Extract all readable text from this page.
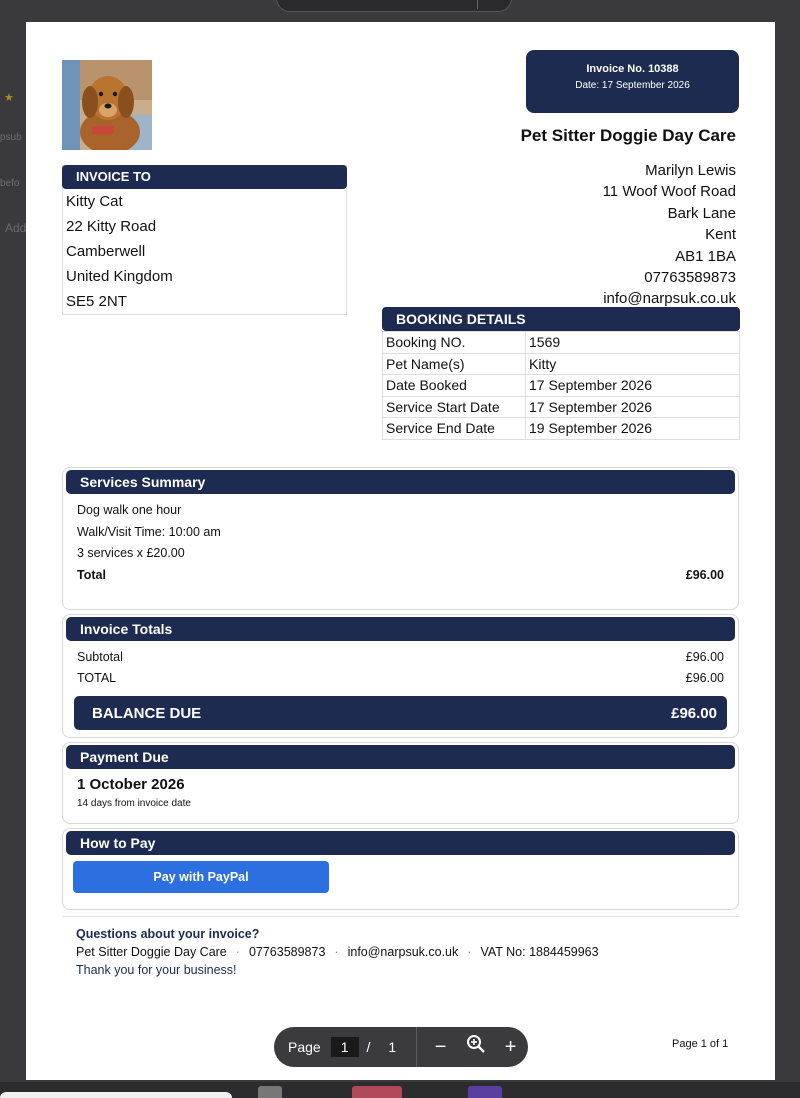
★
psub
befo
Add
Invoice No. 10388
Date: 17 September 2026
Pet Sitter Doggie Day Care
Marilyn Lewis
11 Woof Woof Road
Bark Lane
Kent
AB1 1BA
07763589873
info@narpsuk.co.uk
INVOICE TO
Kitty Cat
22 Kitty Road
Camberwell
United Kingdom
SE5 2NT
BOOKING DETAILS
Booking NO.	1569
Pet Name(s)	Kitty
Date Booked	17 September 2026
Service Start Date	17 September 2026
Service End Date	19 September 2026
Services Summary
Dog walk one hour
Walk/Visit Time: 10:00 am
3 services x £20.00
Total	£96.00
Invoice Totals
Subtotal	£96.00
TOTAL	£96.00
BALANCE DUE	£96.00
Payment Due
1 October 2026
14 days from invoice date
How to Pay
Pay with PayPal
Questions about your invoice?
Pet Sitter Doggie Day Care · 07763589873 · info@narpsuk.co.uk · VAT No: 1884459963
Thank you for your business!
Page	1	/ 1	−	+	Page 1 of 1
